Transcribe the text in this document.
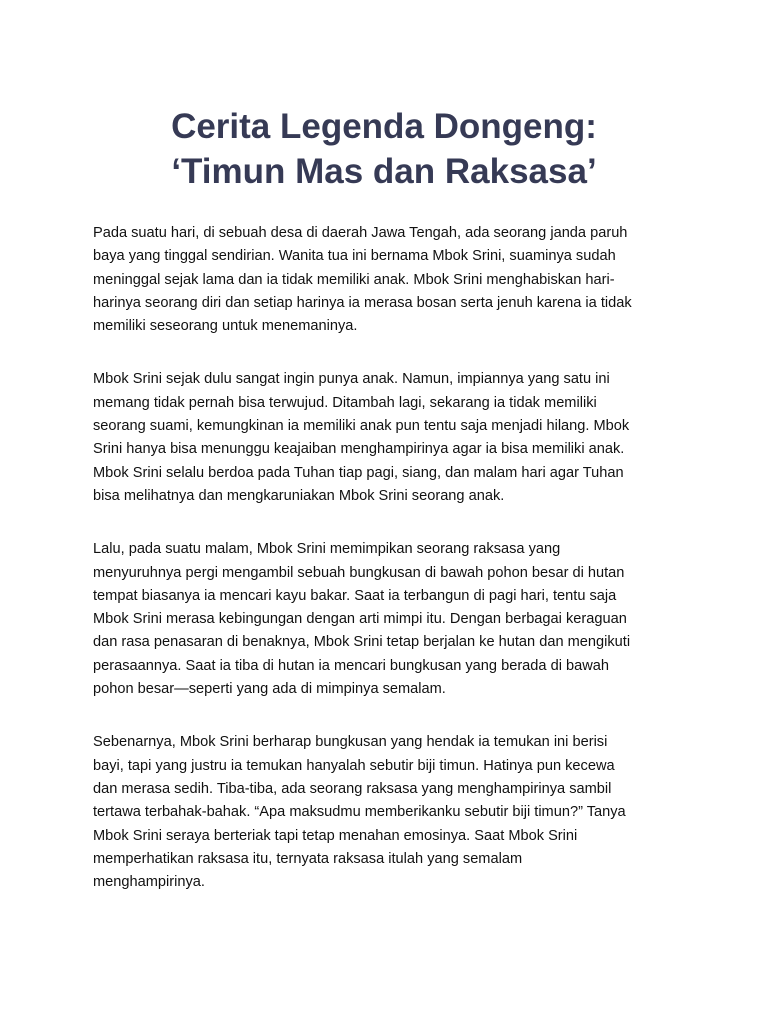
Cerita Legenda Dongeng:
‘Timun Mas dan Raksasa’

Pada suatu hari, di sebuah desa di daerah Jawa Tengah, ada seorang janda paruh
baya yang tinggal sendirian. Wanita tua ini bernama Mbok Srini, suaminya sudah
meninggal sejak lama dan ia tidak memiliki anak. Mbok Srini menghabiskan hari-
harinya seorang diri dan setiap harinya ia merasa bosan serta jenuh karena ia tidak
memiliki seseorang untuk menemaninya.

Mbok Srini sejak dulu sangat ingin punya anak. Namun, impiannya yang satu ini
memang tidak pernah bisa terwujud. Ditambah lagi, sekarang ia tidak memiliki
seorang suami, kemungkinan ia memiliki anak pun tentu saja menjadi hilang. Mbok
Srini hanya bisa menunggu keajaiban menghampirinya agar ia bisa memiliki anak.
Mbok Srini selalu berdoa pada Tuhan tiap pagi, siang, dan malam hari agar Tuhan
bisa melihatnya dan mengkaruniakan Mbok Srini seorang anak.

Lalu, pada suatu malam, Mbok Srini memimpikan seorang raksasa yang
menyuruhnya pergi mengambil sebuah bungkusan di bawah pohon besar di hutan
tempat biasanya ia mencari kayu bakar. Saat ia terbangun di pagi hari, tentu saja
Mbok Srini merasa kebingungan dengan arti mimpi itu. Dengan berbagai keraguan
dan rasa penasaran di benaknya, Mbok Srini tetap berjalan ke hutan dan mengikuti
perasaannya. Saat ia tiba di hutan ia mencari bungkusan yang berada di bawah
pohon besar—seperti yang ada di mimpinya semalam.

Sebenarnya, Mbok Srini berharap bungkusan yang hendak ia temukan ini berisi
bayi, tapi yang justru ia temukan hanyalah sebutir biji timun. Hatinya pun kecewa
dan merasa sedih. Tiba-tiba, ada seorang raksasa yang menghampirinya sambil
tertawa terbahak-bahak. “Apa maksudmu memberikanku sebutir biji timun?” Tanya
Mbok Srini seraya berteriak tapi tetap menahan emosinya. Saat Mbok Srini
memperhatikan raksasa itu, ternyata raksasa itulah yang semalam
menghampirinya.
